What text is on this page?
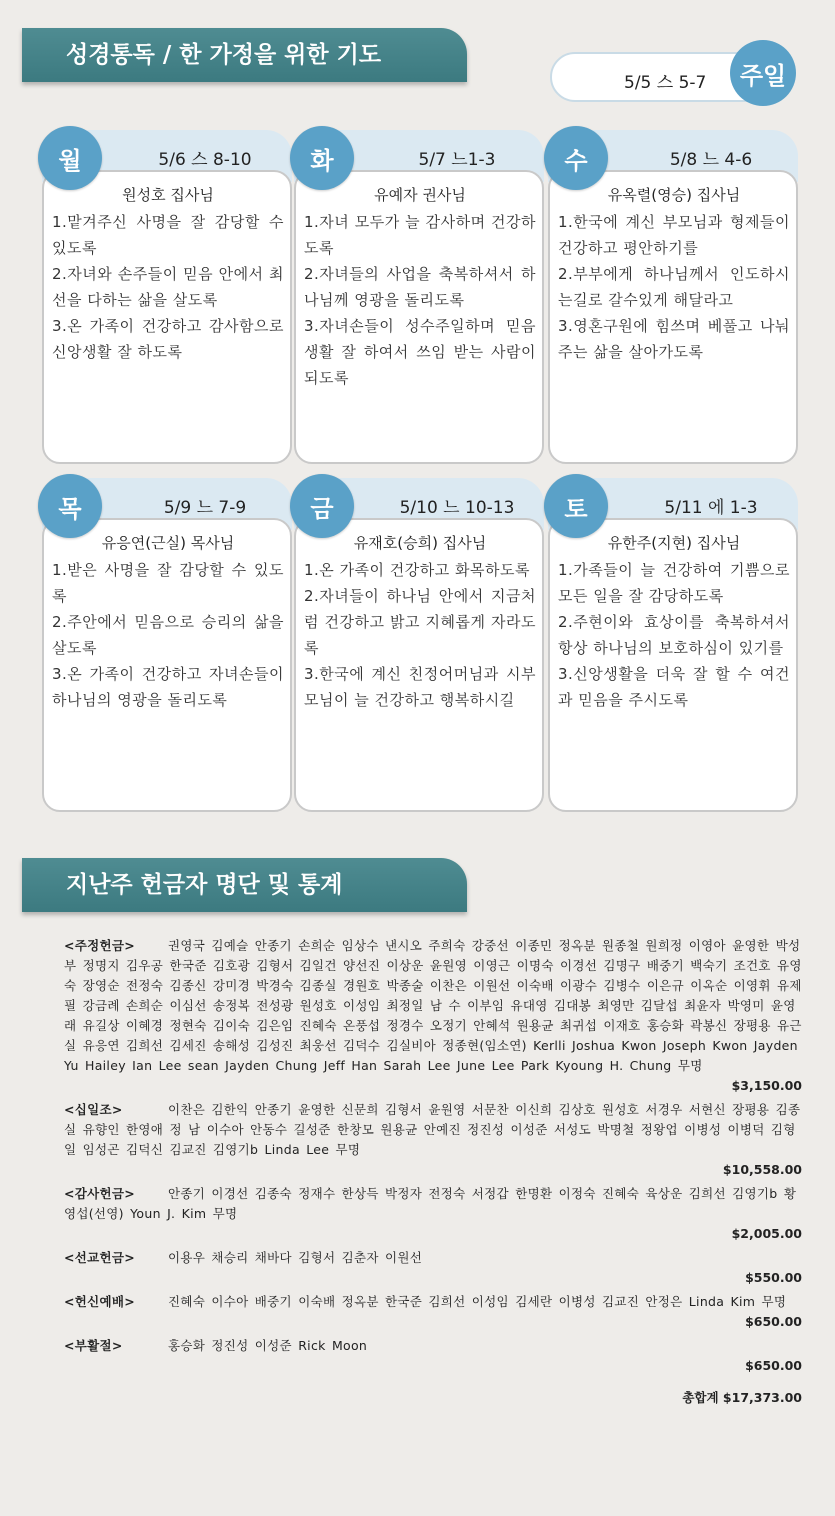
성경통독 / 한 가정을 위한 기도
5/5 스 5-7	주일
원성호 집사님
1.맡겨주신 사명을 잘 감당할 수 있도록
2.자녀와 손주들이 믿음 안에서 최선을 다하는 삶을 살도록
3.온 가족이 건강하고 감사함으로 신앙생활 잘 하도록
월	5/6 스 8-10
유예자 권사님
1.자녀 모두가 늘 감사하며 건강하도록
2.자녀들의 사업을 축복하셔서 하나님께 영광을 돌리도록
3.자녀손들이 성수주일하며 믿음 생활 잘 하여서 쓰임 받는 사람이 되도록
화	5/7 느1-3
유옥렬(영승) 집사님
1.한국에 계신 부모님과 형제들이 건강하고 평안하기를
2.부부에게 하나님께서 인도하시는길로 갈수있게 해달라고
3.영혼구원에 힘쓰며 베풀고 나눠주는 삶을 살아가도록
수	5/8 느 4-6
유응연(근실) 목사님
1.받은 사명을 잘 감당할 수 있도록
2.주안에서 믿음으로 승리의 삶을 살도록
3.온 가족이 건강하고 자녀손들이 하나님의 영광을 돌리도록
목	5/9 느 7-9
유재호(승희) 집사님
1.온 가족이 건강하고 화목하도록
2.자녀들이 하나님 안에서 지금처럼 건강하고 밝고 지혜롭게 자라도록
3.한국에 계신 친정어머님과 시부모님이 늘 건강하고 행복하시길
금	5/10 느 10-13
유한주(지현) 집사님
1.가족들이 늘 건강하여 기쁨으로 모든 일을 잘 감당하도록
2.주현이와 효상이를 축복하셔서 항상 하나님의 보호하심이 있기를
3.신앙생활을 더욱 잘 할 수 여건과 믿음을 주시도록
토	5/11 에 1-3
지난주 헌금자 명단 및 통계
<주정헌금>	권영국 김예슬 안종기 손희순 임상수 낸시오 주희숙 강중선 이종민 정옥분 원종철 원희정 이영아 윤영한 박성부 정명지 김우공 한국준 김호광 김형서 김일건 양선진 이상운 윤원영 이영근 이명숙 이경선 김명구 배중기 백숙기 조건호 유영숙 장영순 전정숙 김종신 강미경 박경숙 김종실 경원호 박종술 이찬은 이원선 이숙배 이광수 김병수 이은규 이옥순 이영휘 유제필 강금례 손희순 이심선 송정복 전성광 원성호 이성임 최정일 남 수 이부임 유대영 김대봉 최영만 김달섭 최윤자 박영미 윤영래 유길상 이혜경 정현숙 김이숙 김은임 진혜숙 온풍섭 정경수 오정기 안혜석 원용균 최귀섭 이재호 홍승화 곽봉신 장평용 유근실 유응연 김희선 김세진 송해성 김성진 최웅선 김덕수 김실비아 정종현(임소연) Kerlli Joshua Kwon Joseph Kwon Jayden Yu Hailey Ian Lee sean Jayden Chung Jeff Han Sarah Lee June Lee Park Kyoung H. Chung 무명
$3,150.00
<십일조>	이찬은 김한익 안종기 윤영한 신문희 김형서 윤원영 서문찬 이신희 김상호 원성호 서경우 서현신 장평용 김종실 유향인 한영애 정 남 이수아 안동수 길성준 한창모 원용균 안예진 정진성 이성준 서성도 박명철 정왕업 이병성 이병덕 김형일 임성곤 김덕신 김교진 김영기b Linda Lee 무명
$10,558.00
<감사헌금>	안종기 이경선 김종숙 정재수 한상득 박정자 전정숙 서정갑 한명환 이정숙 진혜숙 육상운 김희선 김영기b 황영섭(선영) Youn J. Kim 무명
$2,005.00
<선교헌금>	이용우 채승리 채바다 김형서 김춘자 이원선
$550.00
<헌신예배>	진혜숙 이수아 배중기 이숙배 정옥분 한국준 김희선 이성임 김세란 이병성 김교진 안정은 Linda Kim 무명
$650.00
<부활절>	홍승화 정진성 이성준 Rick Moon
$650.00
총합계 $17,373.00
